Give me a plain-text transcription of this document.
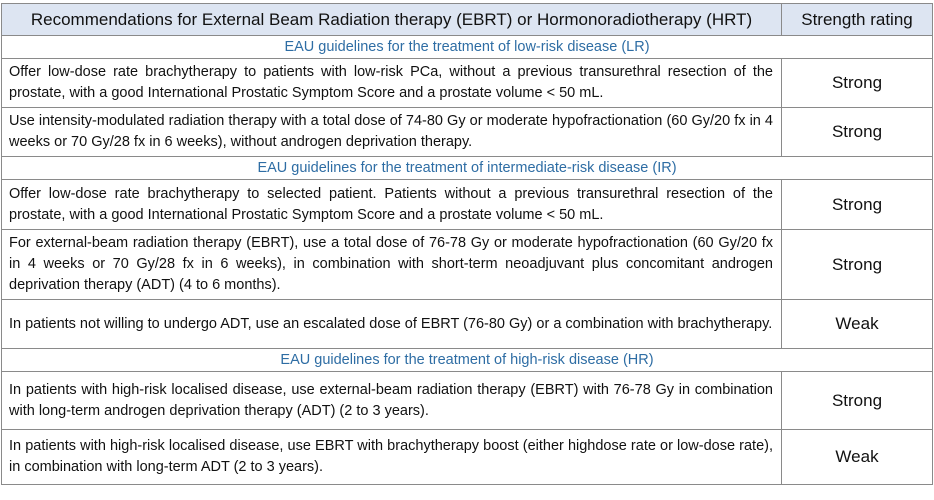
Recommendations for External Beam Radiation therapy (EBRT) or Hormonoradiotherapy (HRT)	Strength rating
EAU guidelines for the treatment of low-risk disease (LR)	
Offer low-dose rate brachytherapy to patients with low-risk PCa, without a previous transurethral resection of the prostate, with a good International Prostatic Symptom Score and a prostate volume < 50 mL.	Strong
Use intensity-modulated radiation therapy with a total dose of 74-80 Gy or moderate hypofractionation (60 Gy/20 fx in 4 weeks or 70 Gy/28 fx in 6 weeks), without androgen deprivation therapy.	Strong
EAU guidelines for the treatment of intermediate-risk disease (IR)	
Offer low-dose rate brachytherapy to selected patient. Patients without a previous transurethral resection of the prostate, with a good International Prostatic Symptom Score and a prostate volume < 50 mL.	Strong
For external-beam radiation therapy (EBRT), use a total dose of 76-78 Gy or moderate hypofractionation (60 Gy/20 fx in 4 weeks or 70 Gy/28 fx in 6 weeks), in combination with short-term neoadjuvant plus concomitant androgen deprivation therapy (ADT) (4 to 6 months).	Strong
In patients not willing to undergo ADT, use an escalated dose of EBRT (76-80 Gy) or a combination with brachytherapy.	Weak
EAU guidelines for the treatment of high-risk disease (HR)	
In patients with high-risk localised disease, use external-beam radiation therapy (EBRT) with 76-78 Gy in combination with long-term androgen deprivation therapy (ADT) (2 to 3 years).	Strong
In patients with high-risk localised disease, use EBRT with brachytherapy boost (either highdose rate or low-dose rate), in combination with long-term ADT (2 to 3 years).	Weak
